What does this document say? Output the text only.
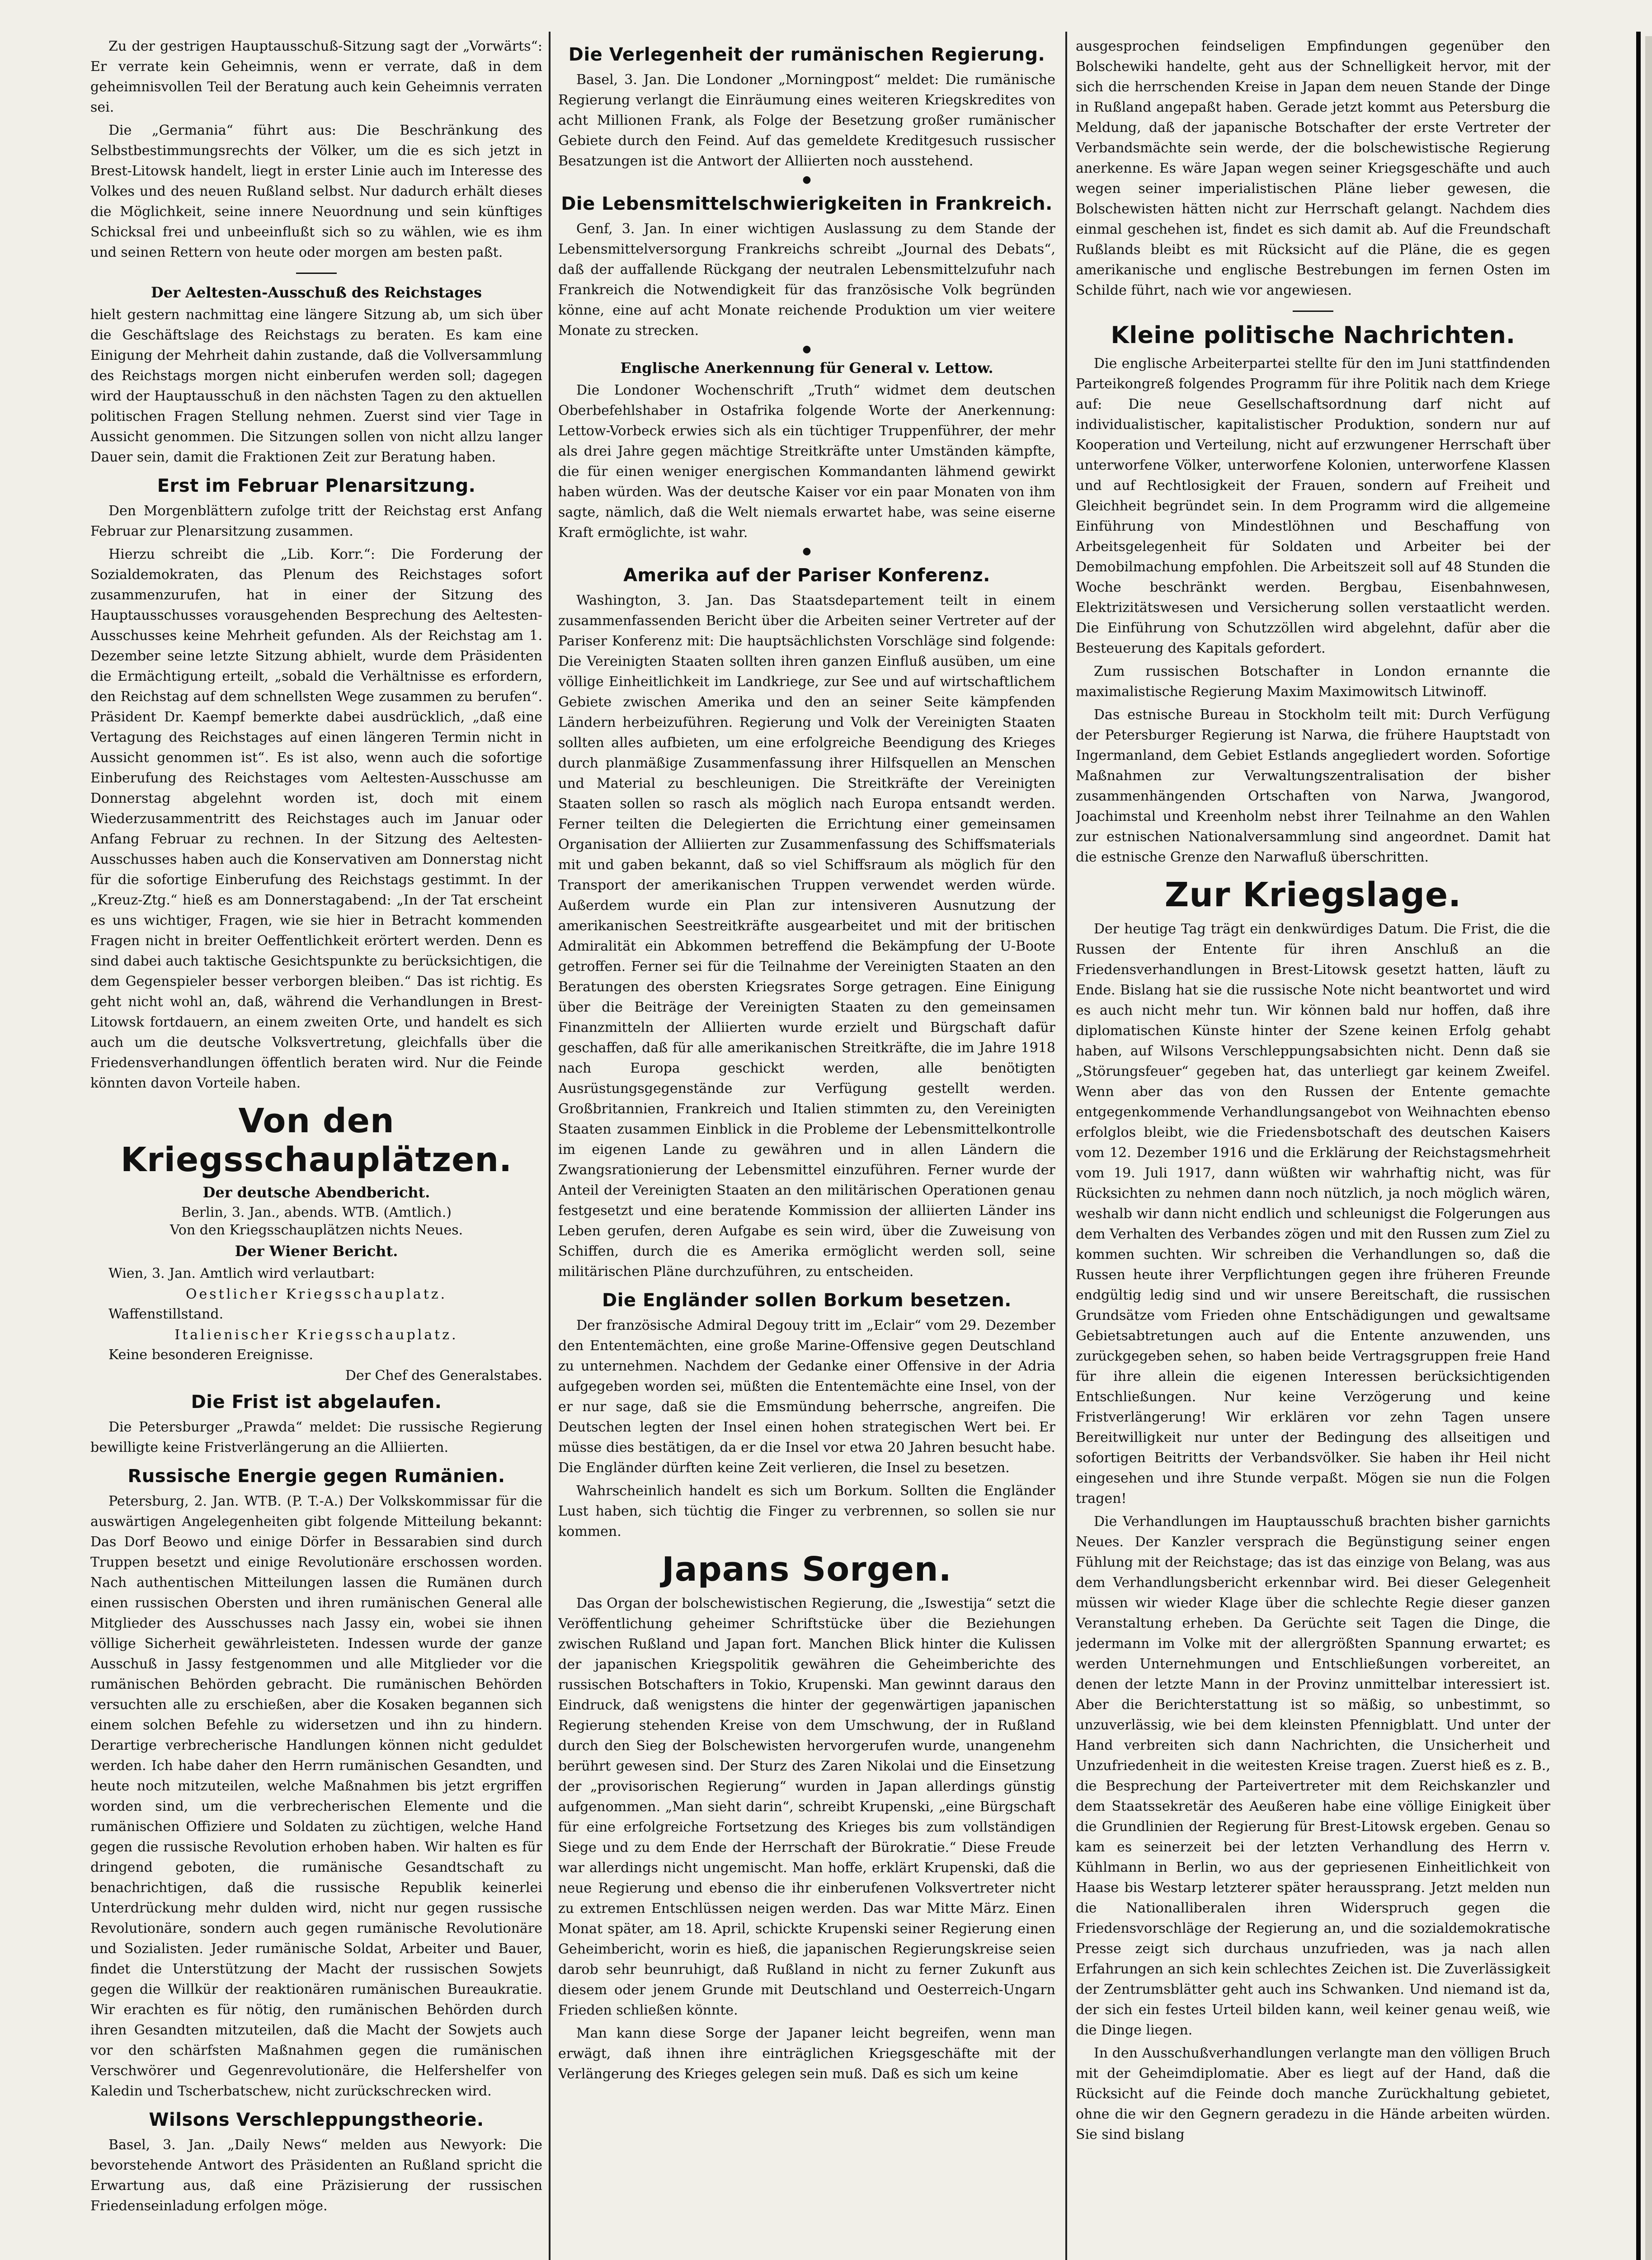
Zu der gestrigen Hauptausschuß-Sitzung sagt der „Vorwärts“: Er verrate kein Geheimnis, wenn er verrate, daß in dem geheimnisvollen Teil der Beratung auch kein Geheimnis verraten sei.

Die „Germania“ führt aus: Die Beschränkung des Selbstbestimmungsrechts der Völker, um die es sich jetzt in Brest-Litowsk handelt, liegt in erster Linie auch im Interesse des Volkes und des neuen Rußland selbst. Nur dadurch erhält dieses die Möglichkeit, seine innere Neuordnung und sein künftiges Schicksal frei und unbeeinflußt sich so zu wählen, wie es ihm und seinen Rettern von heute oder morgen am besten paßt.

Der Aeltesten-Ausschuß des Reichstages

hielt gestern nachmittag eine längere Sitzung ab, um sich über die Geschäftslage des Reichstags zu beraten. Es kam eine Einigung der Mehrheit dahin zustande, daß die Vollversammlung des Reichstags morgen nicht einberufen werden soll; dagegen wird der Hauptausschuß in den nächsten Tagen zu den aktuellen politischen Fragen Stellung nehmen. Zuerst sind vier Tage in Aussicht genommen. Die Sitzungen sollen von nicht allzu langer Dauer sein, damit die Fraktionen Zeit zur Beratung haben.

Erst im Februar Plenarsitzung.

Den Morgenblättern zufolge tritt der Reichstag erst Anfang Februar zur Plenarsitzung zusammen.

Hierzu schreibt die „Lib. Korr.“: Die Forderung der Sozialdemokraten, das Plenum des Reichstages sofort zusammenzurufen, hat in einer der Sitzung des Hauptausschusses vorausgehenden Besprechung des Aeltesten-Ausschusses keine Mehrheit gefunden. Als der Reichstag am 1. Dezember seine letzte Sitzung abhielt, wurde dem Präsidenten die Ermächtigung erteilt, „sobald die Verhältnisse es erfordern, den Reichstag auf dem schnellsten Wege zusammen zu berufen“. Präsident Dr. Kaempf bemerkte dabei ausdrücklich, „daß eine Vertagung des Reichstages auf einen längeren Termin nicht in Aussicht genommen ist“. Es ist also, wenn auch die sofortige Einberufung des Reichstages vom Aeltesten-Ausschusse am Donnerstag abgelehnt worden ist, doch mit einem Wiederzusammentritt des Reichstages auch im Januar oder Anfang Februar zu rechnen. In der Sitzung des Aeltesten-Ausschusses haben auch die Konservativen am Donnerstag nicht für die sofortige Einberufung des Reichstags gestimmt. In der „Kreuz-Ztg.“ hieß es am Donnerstagabend: „In der Tat erscheint es uns wichtiger, Fragen, wie sie hier in Betracht kommenden Fragen nicht in breiter Oeffentlichkeit erörtert werden. Denn es sind dabei auch taktische Gesichtspunkte zu berücksichtigen, die dem Gegenspieler besser verborgen bleiben.“ Das ist richtig. Es geht nicht wohl an, daß, während die Verhandlungen in Brest-Litowsk fortdauern, an einem zweiten Orte, und handelt es sich auch um die deutsche Volksvertretung, gleichfalls über die Friedensverhandlungen öffentlich beraten wird. Nur die Feinde könnten davon Vorteile haben.

Von den Kriegsschauplätzen.
Der deutsche Abendbericht.
Berlin, 3. Jan., abends. WTB. (Amtlich.)
Von den Kriegsschauplätzen nichts Neues.
Der Wiener Bericht.

Wien, 3. Jan. Amtlich wird verlautbart:

Oestlicher Kriegsschauplatz.

Waffenstillstand.

Italienischer Kriegsschauplatz.

Keine besonderen Ereignisse.

Der Chef des Generalstabes.
Die Frist ist abgelaufen.

Die Petersburger „Prawda“ meldet: Die russische Regierung bewilligte keine Fristverlängerung an die Alliierten.

Russische Energie gegen Rumänien.

Petersburg, 2. Jan. WTB. (P. T.-A.) Der Volkskommissar für die auswärtigen Angelegenheiten gibt folgende Mitteilung bekannt: Das Dorf Beowo und einige Dörfer in Bessarabien sind durch Truppen besetzt und einige Revolutionäre erschossen worden. Nach authentischen Mitteilungen lassen die Rumänen durch einen russischen Obersten und ihren rumänischen General alle Mitglieder des Ausschusses nach Jassy ein, wobei sie ihnen völlige Sicherheit gewährleisteten. Indessen wurde der ganze Ausschuß in Jassy festgenommen und alle Mitglieder vor die rumänischen Behörden gebracht. Die rumänischen Behörden versuchten alle zu erschießen, aber die Kosaken begannen sich einem solchen Befehle zu widersetzen und ihn zu hindern. Derartige verbrecherische Handlungen können nicht geduldet werden. Ich habe daher den Herrn rumänischen Gesandten, und heute noch mitzuteilen, welche Maßnahmen bis jetzt ergriffen worden sind, um die verbrecherischen Elemente und die rumänischen Offiziere und Soldaten zu züchtigen, welche Hand gegen die russische Revolution erhoben haben. Wir halten es für dringend geboten, die rumänische Gesandtschaft zu benachrichtigen, daß die russische Republik keinerlei Unterdrückung mehr dulden wird, nicht nur gegen russische Revolutionäre, sondern auch gegen rumänische Revolutionäre und Sozialisten. Jeder rumänische Soldat, Arbeiter und Bauer, findet die Unterstützung der Macht der russischen Sowjets gegen die Willkür der reaktionären rumänischen Bureaukratie. Wir erachten es für nötig, den rumänischen Behörden durch ihren Gesandten mitzuteilen, daß die Macht der Sowjets auch vor den schärfsten Maßnahmen gegen die rumänischen Verschwörer und Gegenrevolutionäre, die Helfershelfer von Kaledin und Tscherbatschew, nicht zurückschrecken wird.

Wilsons Verschleppungstheorie.

Basel, 3. Jan. „Daily News“ melden aus Newyork: Die bevorstehende Antwort des Präsidenten an Rußland spricht die Erwartung aus, daß eine Präzisierung der russischen Friedenseinladung erfolgen möge.

Die Verlegenheit der rumänischen Regierung.

Basel, 3. Jan. Die Londoner „Morningpost“ meldet: Die rumänische Regierung verlangt die Einräumung eines weiteren Kriegskredites von acht Millionen Frank, als Folge der Besetzung großer rumänischer Gebiete durch den Feind. Auf das gemeldete Kreditgesuch russischer Besatzungen ist die Antwort der Alliierten noch ausstehend.

●
Die Lebensmittelschwierigkeiten in Frankreich.

Genf, 3. Jan. In einer wichtigen Auslassung zu dem Stande der Lebensmittelversorgung Frankreichs schreibt „Journal des Debats“, daß der auffallende Rückgang der neutralen Lebensmittelzufuhr nach Frankreich die Notwendigkeit für das französische Volk begründen könne, eine auf acht Monate reichende Produktion um vier weitere Monate zu strecken.

●
Englische Anerkennung für General v. Lettow.

Die Londoner Wochenschrift „Truth“ widmet dem deutschen Oberbefehlshaber in Ostafrika folgende Worte der Anerkennung: Lettow-Vorbeck erwies sich als ein tüchtiger Truppenführer, der mehr als drei Jahre gegen mächtige Streitkräfte unter Umständen kämpfte, die für einen weniger energischen Kommandanten lähmend gewirkt haben würden. Was der deutsche Kaiser vor ein paar Monaten von ihm sagte, nämlich, daß die Welt niemals erwartet habe, was seine eiserne Kraft ermöglichte, ist wahr.

●
Amerika auf der Pariser Konferenz.

Washington, 3. Jan. Das Staatsdepartement teilt in einem zusammenfassenden Bericht über die Arbeiten seiner Vertreter auf der Pariser Konferenz mit: Die hauptsächlichsten Vorschläge sind folgende: Die Vereinigten Staaten sollten ihren ganzen Einfluß ausüben, um eine völlige Einheitlichkeit im Landkriege, zur See und auf wirtschaftlichem Gebiete zwischen Amerika und den an seiner Seite kämpfenden Ländern herbeizuführen. Regierung und Volk der Vereinigten Staaten sollten alles aufbieten, um eine erfolgreiche Beendigung des Krieges durch planmäßige Zusammenfassung ihrer Hilfsquellen an Menschen und Material zu beschleunigen. Die Streitkräfte der Vereinigten Staaten sollen so rasch als möglich nach Europa entsandt werden. Ferner teilten die Delegierten die Errichtung einer gemeinsamen Organisation der Alliierten zur Zusammenfassung des Schiffsmaterials mit und gaben bekannt, daß so viel Schiffsraum als möglich für den Transport der amerikanischen Truppen verwendet werden würde. Außerdem wurde ein Plan zur intensiveren Ausnutzung der amerikanischen Seestreitkräfte ausgearbeitet und mit der britischen Admiralität ein Abkommen betreffend die Bekämpfung der U-Boote getroffen. Ferner sei für die Teilnahme der Vereinigten Staaten an den Beratungen des obersten Kriegsrates Sorge getragen. Eine Einigung über die Beiträge der Vereinigten Staaten zu den gemeinsamen Finanzmitteln der Alliierten wurde erzielt und Bürgschaft dafür geschaffen, daß für alle amerikanischen Streitkräfte, die im Jahre 1918 nach Europa geschickt werden, alle benötigten Ausrüstungsgegenstände zur Verfügung gestellt werden. Großbritannien, Frankreich und Italien stimmten zu, den Vereinigten Staaten zusammen Einblick in die Probleme der Lebensmittelkontrolle im eigenen Lande zu gewähren und in allen Ländern die Zwangsrationierung der Lebensmittel einzuführen. Ferner wurde der Anteil der Vereinigten Staaten an den militärischen Operationen genau festgesetzt und eine beratende Kommission der alliierten Länder ins Leben gerufen, deren Aufgabe es sein wird, über die Zuweisung von Schiffen, durch die es Amerika ermöglicht werden soll, seine militärischen Pläne durchzuführen, zu entscheiden.

Die Engländer sollen Borkum besetzen.

Der französische Admiral Degouy tritt im „Eclair“ vom 29. Dezember den Ententemächten, eine große Marine-Offensive gegen Deutschland zu unternehmen. Nachdem der Gedanke einer Offensive in der Adria aufgegeben worden sei, müßten die Ententemächte eine Insel, von der er nur sage, daß sie die Emsmündung beherrsche, angreifen. Die Deutschen legten der Insel einen hohen strategischen Wert bei. Er müsse dies bestätigen, da er die Insel vor etwa 20 Jahren besucht habe. Die Engländer dürften keine Zeit verlieren, die Insel zu besetzen.

Wahrscheinlich handelt es sich um Borkum. Sollten die Engländer Lust haben, sich tüchtig die Finger zu verbrennen, so sollen sie nur kommen.

Japans Sorgen.

Das Organ der bolschewistischen Regierung, die „Iswestija“ setzt die Veröffentlichung geheimer Schriftstücke über die Beziehungen zwischen Rußland und Japan fort. Manchen Blick hinter die Kulissen der japanischen Kriegspolitik gewähren die Geheimberichte des russischen Botschafters in Tokio, Krupenski. Man gewinnt daraus den Eindruck, daß wenigstens die hinter der gegenwärtigen japanischen Regierung stehenden Kreise von dem Umschwung, der in Rußland durch den Sieg der Bolschewisten hervorgerufen wurde, unangenehm berührt gewesen sind. Der Sturz des Zaren Nikolai und die Einsetzung der „provisorischen Regierung“ wurden in Japan allerdings günstig aufgenommen. „Man sieht darin“, schreibt Krupenski, „eine Bürgschaft für eine erfolgreiche Fortsetzung des Krieges bis zum vollständigen Siege und zu dem Ende der Herrschaft der Bürokratie.“ Diese Freude war allerdings nicht ungemischt. Man hoffe, erklärt Krupenski, daß die neue Regierung und ebenso die ihr einberufenen Volksvertreter nicht zu extremen Entschlüssen neigen werden. Das war Mitte März. Einen Monat später, am 18. April, schickte Krupenski seiner Regierung einen Geheimbericht, worin es hieß, die japanischen Regierungskreise seien darob sehr beunruhigt, daß Rußland in nicht zu ferner Zukunft aus diesem oder jenem Grunde mit Deutschland und Oesterreich-Ungarn Frieden schließen könnte.

Man kann diese Sorge der Japaner leicht begreifen, wenn man erwägt, daß ihnen ihre einträglichen Kriegsgeschäfte mit der Verlängerung des Krieges gelegen sein muß. Daß es sich um keine

ausgesprochen feindseligen Empfindungen gegenüber den Bolschewiki handelte, geht aus der Schnelligkeit hervor, mit der sich die herrschenden Kreise in Japan dem neuen Stande der Dinge in Rußland angepaßt haben. Gerade jetzt kommt aus Petersburg die Meldung, daß der japanische Botschafter der erste Vertreter der Verbandsmächte sein werde, der die bolschewistische Regierung anerkenne. Es wäre Japan wegen seiner Kriegsgeschäfte und auch wegen seiner imperialistischen Pläne lieber gewesen, die Bolschewisten hätten nicht zur Herrschaft gelangt. Nachdem dies einmal geschehen ist, findet es sich damit ab. Auf die Freundschaft Rußlands bleibt es mit Rücksicht auf die Pläne, die es gegen amerikanische und englische Bestrebungen im fernen Osten im Schilde führt, nach wie vor angewiesen.

Kleine politische Nachrichten.

Die englische Arbeiterpartei stellte für den im Juni stattfindenden Parteikongreß folgendes Programm für ihre Politik nach dem Kriege auf: Die neue Gesellschaftsordnung darf nicht auf individualistischer, kapitalistischer Produktion, sondern nur auf Kooperation und Verteilung, nicht auf erzwungener Herrschaft über unterworfene Völker, unterworfene Kolonien, unterworfene Klassen und auf Rechtlosigkeit der Frauen, sondern auf Freiheit und Gleichheit begründet sein. In dem Programm wird die allgemeine Einführung von Mindestlöhnen und Beschaffung von Arbeitsgelegenheit für Soldaten und Arbeiter bei der Demobilmachung empfohlen. Die Arbeitszeit soll auf 48 Stunden die Woche beschränkt werden. Bergbau, Eisenbahnwesen, Elektrizitätswesen und Versicherung sollen verstaatlicht werden. Die Einführung von Schutzzöllen wird abgelehnt, dafür aber die Besteuerung des Kapitals gefordert.

Zum russischen Botschafter in London ernannte die maximalistische Regierung Maxim Maximowitsch Litwinoff.

Das estnische Bureau in Stockholm teilt mit: Durch Verfügung der Petersburger Regierung ist Narwa, die frühere Hauptstadt von Ingermanland, dem Gebiet Estlands angegliedert worden. Sofortige Maßnahmen zur Verwaltungszentralisation der bisher zusammenhängenden Ortschaften von Narwa, Jwangorod, Joachimstal und Kreenholm nebst ihrer Teilnahme an den Wahlen zur estnischen Nationalversammlung sind angeordnet. Damit hat die estnische Grenze den Narwafluß überschritten.

Zur Kriegslage.

Der heutige Tag trägt ein denkwürdiges Datum. Die Frist, die die Russen der Entente für ihren Anschluß an die Friedensverhandlungen in Brest-Litowsk gesetzt hatten, läuft zu Ende. Bislang hat sie die russische Note nicht beantwortet und wird es auch nicht mehr tun. Wir können bald nur hoffen, daß ihre diplomatischen Künste hinter der Szene keinen Erfolg gehabt haben, auf Wilsons Verschleppungsabsichten nicht. Denn daß sie „Störungsfeuer“ gegeben hat, das unterliegt gar keinem Zweifel. Wenn aber das von den Russen der Entente gemachte entgegenkommende Verhandlungsangebot von Weihnachten ebenso erfolglos bleibt, wie die Friedensbotschaft des deutschen Kaisers vom 12. Dezember 1916 und die Erklärung der Reichstagsmehrheit vom 19. Juli 1917, dann wüßten wir wahrhaftig nicht, was für Rücksichten zu nehmen dann noch nützlich, ja noch möglich wären, weshalb wir dann nicht endlich und schleunigst die Folgerungen aus dem Verhalten des Verbandes zögen und mit den Russen zum Ziel zu kommen suchten. Wir schreiben die Verhandlungen so, daß die Russen heute ihrer Verpflichtungen gegen ihre früheren Freunde endgültig ledig sind und wir unsere Bereitschaft, die russischen Grundsätze vom Frieden ohne Entschädigungen und gewaltsame Gebietsabtretungen auch auf die Entente anzuwenden, uns zurückgegeben sehen, so haben beide Vertragsgruppen freie Hand für ihre allein die eigenen Interessen berücksichtigenden Entschließungen. Nur keine Verzögerung und keine Fristverlängerung! Wir erklären vor zehn Tagen unsere Bereitwilligkeit nur unter der Bedingung des allseitigen und sofortigen Beitritts der Verbandsvölker. Sie haben ihr Heil nicht eingesehen und ihre Stunde verpaßt. Mögen sie nun die Folgen tragen!

Die Verhandlungen im Hauptausschuß brachten bisher garnichts Neues. Der Kanzler versprach die Begünstigung seiner engen Fühlung mit der Reichstage; das ist das einzige von Belang, was aus dem Verhandlungsbericht erkennbar wird. Bei dieser Gelegenheit müssen wir wieder Klage über die schlechte Regie dieser ganzen Veranstaltung erheben. Da Gerüchte seit Tagen die Dinge, die jedermann im Volke mit der allergrößten Spannung erwartet; es werden Unternehmungen und Entschließungen vorbereitet, an denen der letzte Mann in der Provinz unmittelbar interessiert ist. Aber die Berichterstattung ist so mäßig, so unbestimmt, so unzuverlässig, wie bei dem kleinsten Pfennigblatt. Und unter der Hand verbreiten sich dann Nachrichten, die Unsicherheit und Unzufriedenheit in die weitesten Kreise tragen. Zuerst hieß es z. B., die Besprechung der Parteivertreter mit dem Reichskanzler und dem Staatssekretär des Aeußeren habe eine völlige Einigkeit über die Grundlinien der Regierung für Brest-Litowsk ergeben. Genau so kam es seinerzeit bei der letzten Verhandlung des Herrn v. Kühlmann in Berlin, wo aus der gepriesenen Einheitlichkeit von Haase bis Westarp letzterer später heraussprang. Jetzt melden nun die Nationalliberalen ihren Widerspruch gegen die Friedensvorschläge der Regierung an, und die sozialdemokratische Presse zeigt sich durchaus unzufrieden, was ja nach allen Erfahrungen an sich kein schlechtes Zeichen ist. Die Zuverlässigkeit der Zentrumsblätter geht auch ins Schwanken. Und niemand ist da, der sich ein festes Urteil bilden kann, weil keiner genau weiß, wie die Dinge liegen.

In den Ausschußverhandlungen verlangte man den völligen Bruch mit der Geheimdiplomatie. Aber es liegt auf der Hand, daß die Rücksicht auf die Feinde doch manche Zurückhaltung gebietet, ohne die wir den Gegnern geradezu in die Hände arbeiten würden. Sie sind bislang
